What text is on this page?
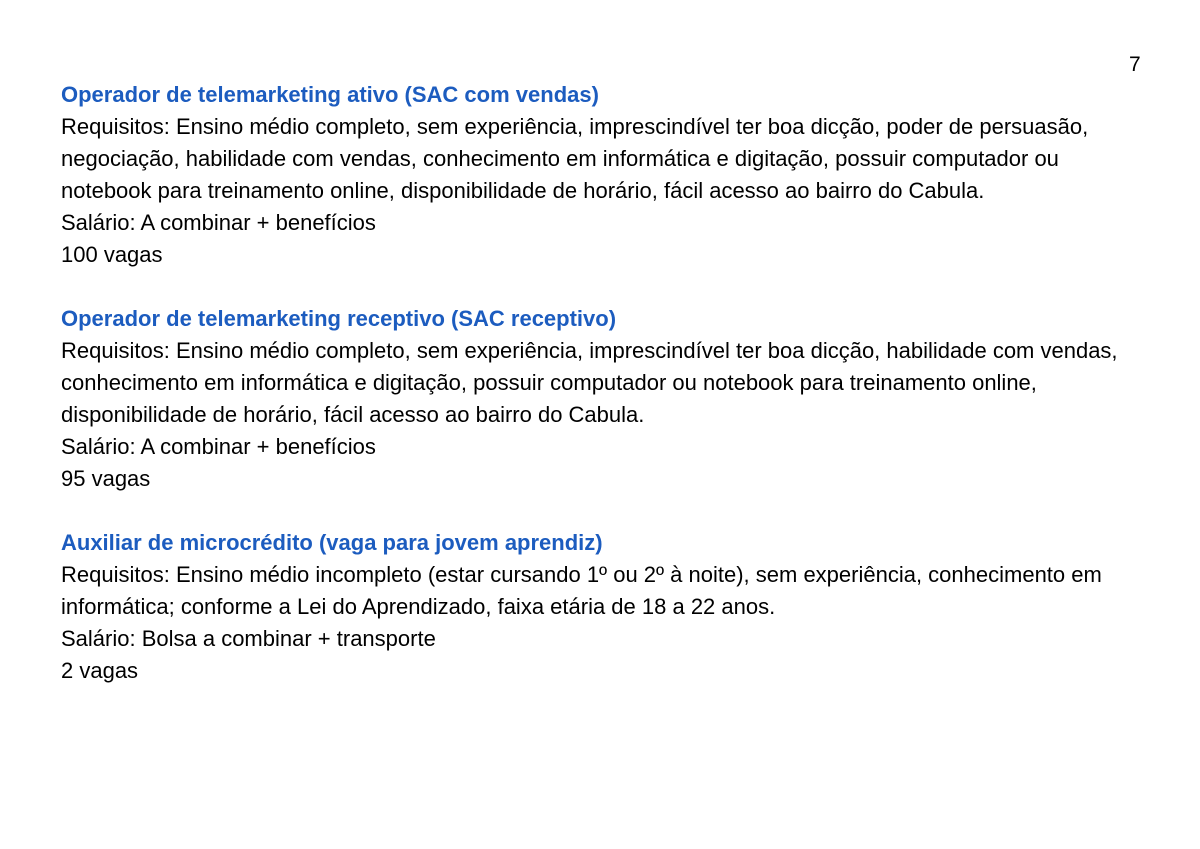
7

Operador de telemarketing ativo (SAC com vendas)

Requisitos: Ensino médio completo, sem experiência, imprescindível ter boa dicção, poder de persuasão, negociação, habilidade com vendas, conhecimento em informática e digitação, possuir computador ou notebook para treinamento online, disponibilidade de horário, fácil acesso ao bairro do Cabula.

Salário: A combinar + benefícios

100 vagas

Operador de telemarketing receptivo (SAC receptivo)

Requisitos: Ensino médio completo, sem experiência, imprescindível ter boa dicção, habilidade com vendas, conhecimento em informática e digitação, possuir computador ou notebook para treinamento online, disponibilidade de horário, fácil acesso ao bairro do Cabula.

Salário: A combinar + benefícios

95 vagas

Auxiliar de microcrédito (vaga para jovem aprendiz)

Requisitos: Ensino médio incompleto (estar cursando 1º ou 2º à noite), sem experiência, conhecimento em informática; conforme a Lei do Aprendizado, faixa etária de 18 a 22 anos.

Salário: Bolsa a combinar + transporte

2 vagas
